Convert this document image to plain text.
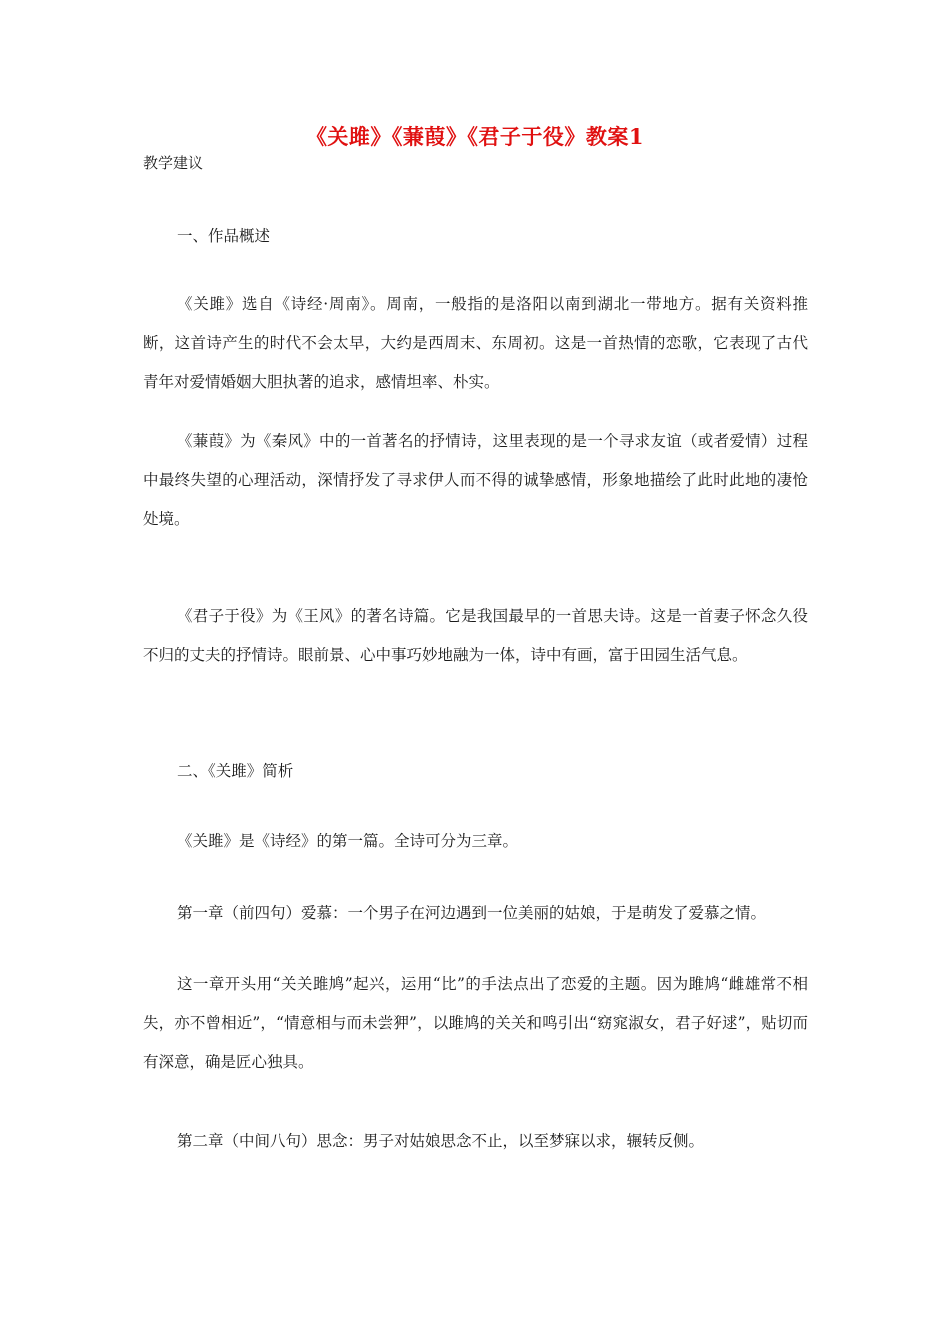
《关雎》《蒹葭》《君子于役》教案1
教学建议
一、作品概述

《关雎》选自《诗经·周南》。周南，一般指的是洛阳以南到湖北一带地方。据有关资料推断，这首诗产生的时代不会太早，大约是西周末、东周初。这是一首热情的恋歌，它表现了古代青年对爱情婚姻大胆执著的追求，感情坦率、朴实。

《蒹葭》为《秦风》中的一首著名的抒情诗，这里表现的是一个寻求友谊（或者爱情）过程中最终失望的心理活动，深情抒发了寻求伊人而不得的诚挚感情，形象地描绘了此时此地的凄怆处境。

《君子于役》为《王风》的著名诗篇。它是我国最早的一首思夫诗。这是一首妻子怀念久役不归的丈夫的抒情诗。眼前景、心中事巧妙地融为一体，诗中有画，富于田园生活气息。

二、《关雎》简析

《关雎》是《诗经》的第一篇。全诗可分为三章。

第一章（前四句）爱慕：一个男子在河边遇到一位美丽的姑娘，于是萌发了爱慕之情。

这一章开头用“关关雎鸠”起兴，运用“比”的手法点出了恋爱的主题。因为雎鸠“雌雄常不相失，亦不曾相近”，“情意相与而未尝狎”，以雎鸠的关关和鸣引出“窈窕淑女，君子好逑”，贴切而有深意，确是匠心独具。

第二章（中间八句）思念：男子对姑娘思念不止，以至梦寐以求，辗转反侧。
